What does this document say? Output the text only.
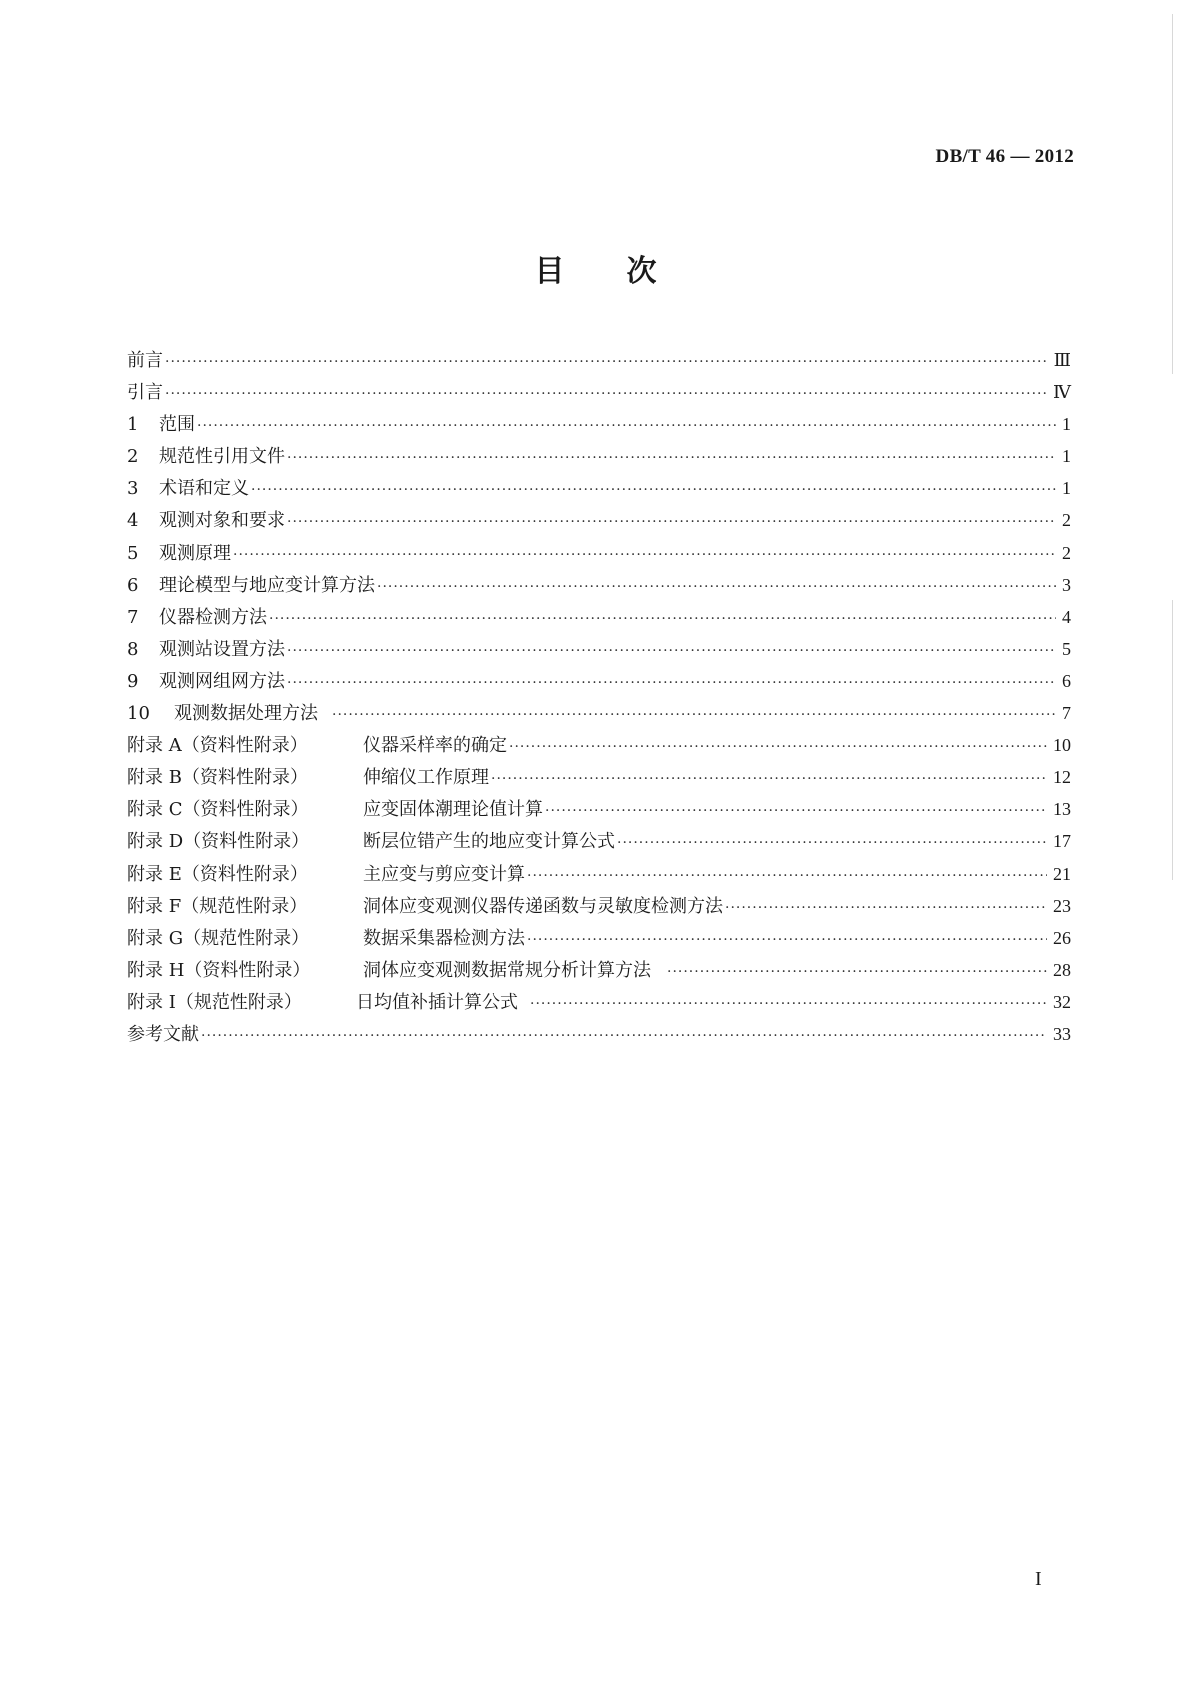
DB/T 46 — 2012
目 次
前言 ·····	Ⅲ
引言 ·····	Ⅳ
1	范围 ·····	1
2	规范性引用文件 ·····	1
3	术语和定义 ·····	1
4	观测对象和要求 ·····	2
5	观测原理 ·····	2
6	理论模型与地应变计算方法 ·····	3
7	仪器检测方法 ·····	4
8	观测站设置方法 ·····	5
9	观测网组网方法 ·····	6
10	观测数据处理方法 ·····	7
附录 A（资料性附录）	仪器采样率的确定 ·····	10
附录 B（资料性附录）	伸缩仪工作原理 ·····	12
附录 C（资料性附录）	应变固体潮理论值计算 ·····	13
附录 D（资料性附录）	断层位错产生的地应变计算公式 ·····	17
附录 E（资料性附录）	主应变与剪应变计算 ·····	21
附录 F（规范性附录）	洞体应变观测仪器传递函数与灵敏度检测方法 ·····	23
附录 G（规范性附录）	数据采集器检测方法 ·····	26
附录 H（资料性附录）	洞体应变观测数据常规分析计算方法 ·····	28
附录 I（规范性附录）	日均值补插计算公式 ·····	32
参考文献 ·····	33
I
